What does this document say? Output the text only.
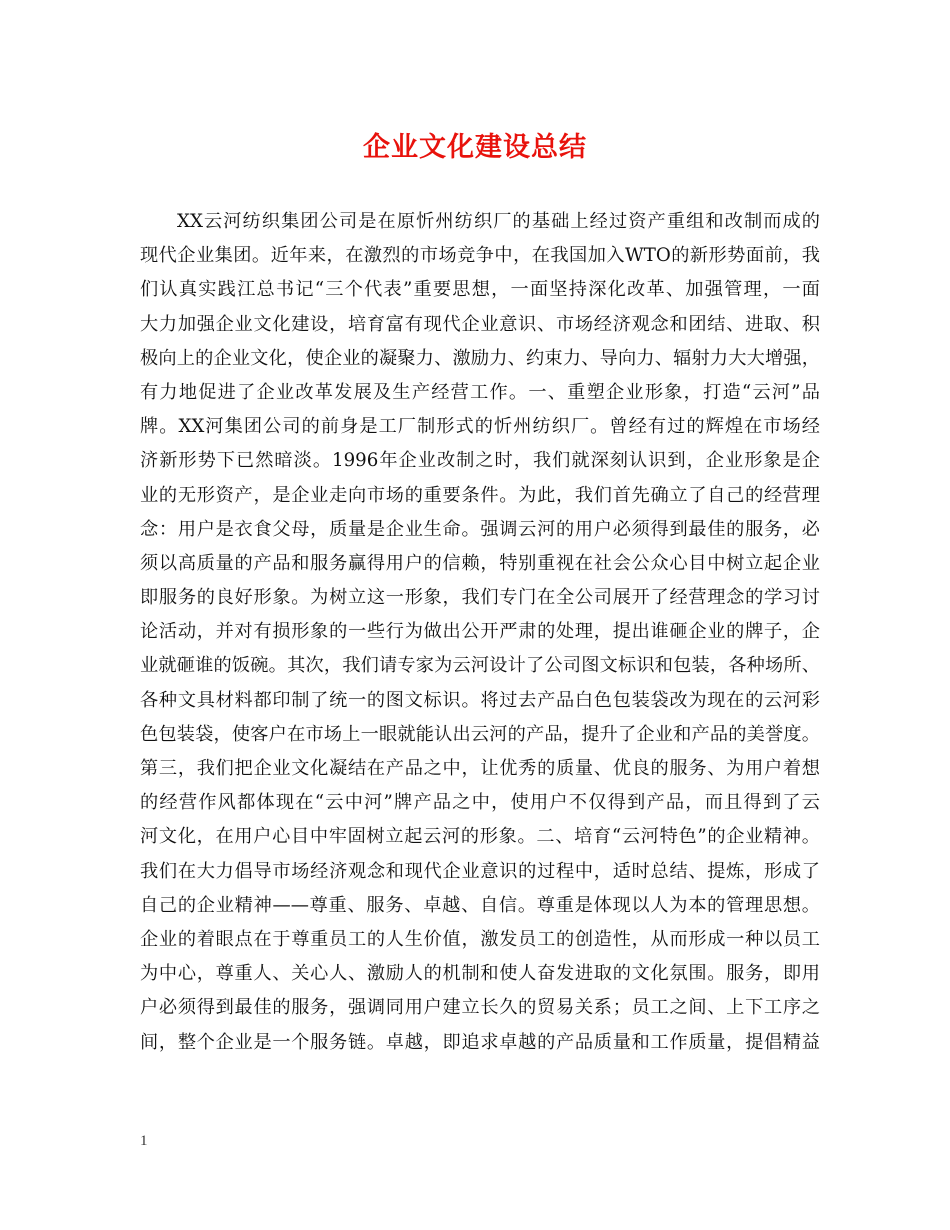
企业文化建设总结
XX云河纺织集团公司是在原忻州纺织厂的基础上经过资产重组和改制而成的
现代企业集团。近年来，在激烈的市场竞争中，在我国加入WTO的新形势面前，我
们认真实践江总书记“三个代表”重要思想，一面坚持深化改革、加强管理，一面
大力加强企业文化建设，培育富有现代企业意识、市场经济观念和团结、进取、积
极向上的企业文化，使企业的凝聚力、激励力、约束力、导向力、辐射力大大增强，
有力地促进了企业改革发展及生产经营工作。一、重塑企业形象，打造“云河”品
牌。XX河集团公司的前身是工厂制形式的忻州纺织厂。曾经有过的辉煌在市场经
济新形势下已然暗淡。1996年企业改制之时，我们就深刻认识到，企业形象是企
业的无形资产，是企业走向市场的重要条件。为此，我们首先确立了自己的经营理
念：用户是衣食父母，质量是企业生命。强调云河的用户必须得到最佳的服务，必
须以高质量的产品和服务赢得用户的信赖，特别重视在社会公众心目中树立起企业
即服务的良好形象。为树立这一形象，我们专门在全公司展开了经营理念的学习讨
论活动，并对有损形象的一些行为做出公开严肃的处理，提出谁砸企业的牌子，企
业就砸谁的饭碗。其次，我们请专家为云河设计了公司图文标识和包装，各种场所、
各种文具材料都印制了统一的图文标识。将过去产品白色包装袋改为现在的云河彩
色包装袋，使客户在市场上一眼就能认出云河的产品，提升了企业和产品的美誉度。
第三，我们把企业文化凝结在产品之中，让优秀的质量、优良的服务、为用户着想
的经营作风都体现在“云中河”牌产品之中，使用户不仅得到产品，而且得到了云
河文化，在用户心目中牢固树立起云河的形象。二、培育“云河特色”的企业精神。
我们在大力倡导市场经济观念和现代企业意识的过程中，适时总结、提炼，形成了
自己的企业精神——尊重、服务、卓越、自信。尊重是体现以人为本的管理思想。
企业的着眼点在于尊重员工的人生价值，激发员工的创造性，从而形成一种以员工
为中心，尊重人、关心人、激励人的机制和使人奋发进取的文化氛围。服务，即用
户必须得到最佳的服务，强调同用户建立长久的贸易关系；员工之间、上下工序之
间，整个企业是一个服务链。卓越，即追求卓越的产品质量和工作质量，提倡精益
1
